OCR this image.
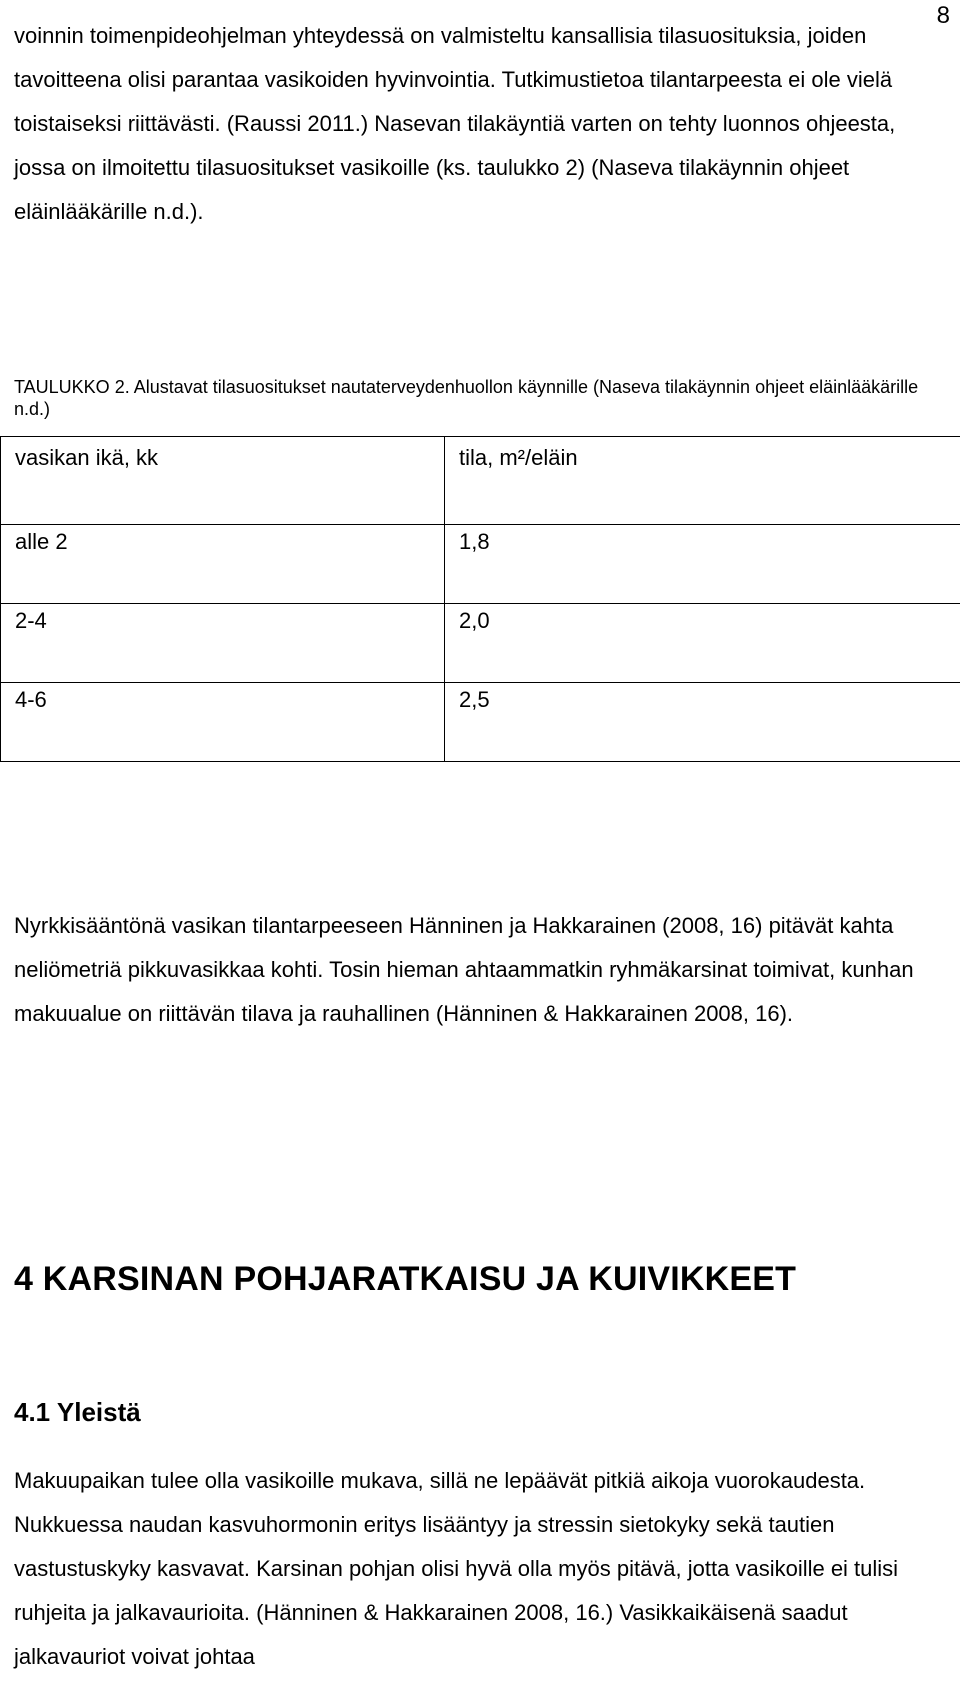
8

voinnin toimenpideohjelman yhteydessä on valmisteltu kansallisia tilasuosituksia, joiden tavoitteena olisi parantaa vasikoiden hyvinvointia. Tutkimustietoa tilantarpeesta ei ole vielä toistaiseksi riittävästi. (Raussi 2011.) Nasevan tilakäyntiä varten on tehty luonnos ohjeesta, jossa on ilmoitettu tilasuositukset vasikoille (ks. taulukko 2) (Naseva tilakäynnin ohjeet eläinlääkärille n.d.).

TAULUKKO 2. Alustavat tilasuositukset nautaterveydenhuollon käynnille (Naseva tilakäynnin ohjeet eläinlääkärille n.d.)

vasikan ikä, kk	tila, m²/eläin
alle 2	1,8
2-4	2,0
4-6	2,5

Nyrkkisääntönä vasikan tilantarpeeseen Hänninen ja Hakkarainen (2008, 16) pitävät kahta neliömetriä pikkuvasikkaa kohti. Tosin hieman ahtaammatkin ryhmäkarsinat toimivat, kunhan makuualue on riittävän tilava ja rauhallinen (Hänninen & Hakkarainen 2008, 16).

4 KARSINAN POHJARATKAISU JA KUIVIKKEET
4.1 Yleistä

Makuupaikan tulee olla vasikoille mukava, sillä ne lepäävät pitkiä aikoja vuorokaudesta. Nukkuessa naudan kasvuhormonin eritys lisääntyy ja stressin sietokyky sekä tautien vastustuskyky kasvavat. Karsinan pohjan olisi hyvä olla myös pitävä, jotta vasikoille ei tulisi ruhjeita ja jalkavaurioita. (Hänninen & Hakkarainen 2008, 16.) Vasikkaikäisenä saadut jalkavauriot voivat johtaa
